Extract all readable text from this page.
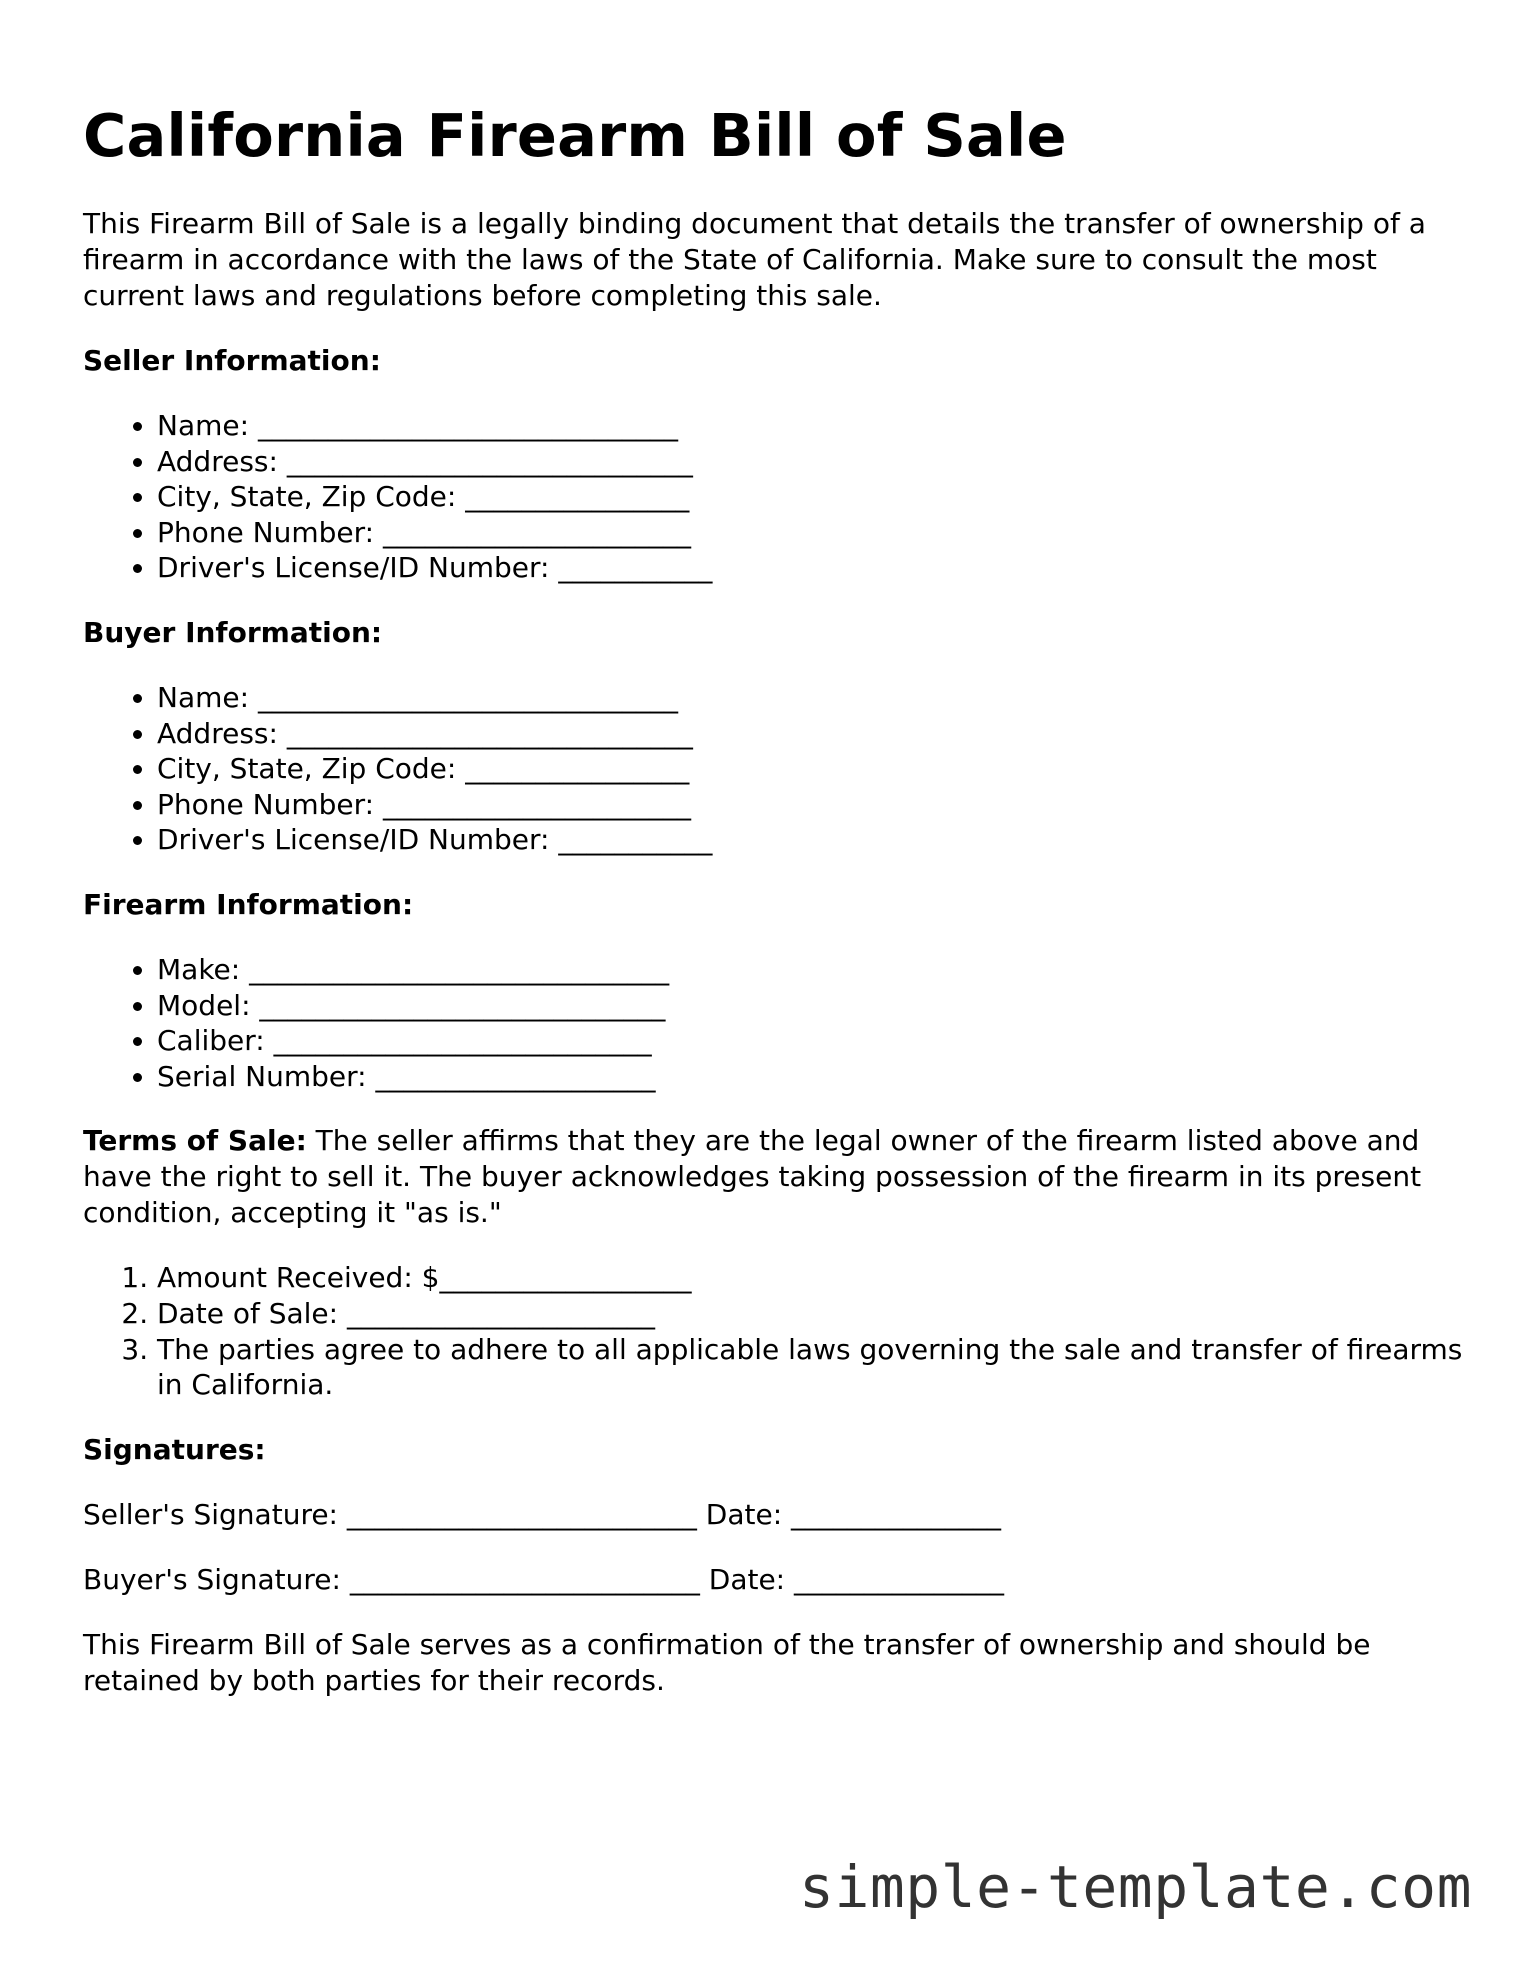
California Firearm Bill of Sale

This Firearm Bill of Sale is a legally binding document that details the transfer of ownership of a firearm in accordance with the laws of the State of California. Make sure to consult the most current laws and regulations before completing this sale.

Seller Information:

• Name: ______________________________
• Address: _____________________________
• City, State, Zip Code: ________________
• Phone Number: ______________________
• Driver's License/ID Number: ___________

Buyer Information:

• Name: ______________________________
• Address: _____________________________
• City, State, Zip Code: ________________
• Phone Number: ______________________
• Driver's License/ID Number: ___________

Firearm Information:

• Make: ______________________________
• Model: _____________________________
• Caliber: ___________________________
• Serial Number: ____________________

Terms of Sale: The seller affirms that they are the legal owner of the firearm listed above and have the right to sell it. The buyer acknowledges taking possession of the firearm in its present condition, accepting it "as is."

1. Amount Received: $__________________
2. Date of Sale: ______________________
3. The parties agree to adhere to all applicable laws governing the sale and transfer of firearms in California.

Signatures:

Seller's Signature: _________________________ Date: _______________

Buyer's Signature: _________________________ Date: _______________

This Firearm Bill of Sale serves as a confirmation of the transfer of ownership and should be retained by both parties for their records.

simple-template.com
